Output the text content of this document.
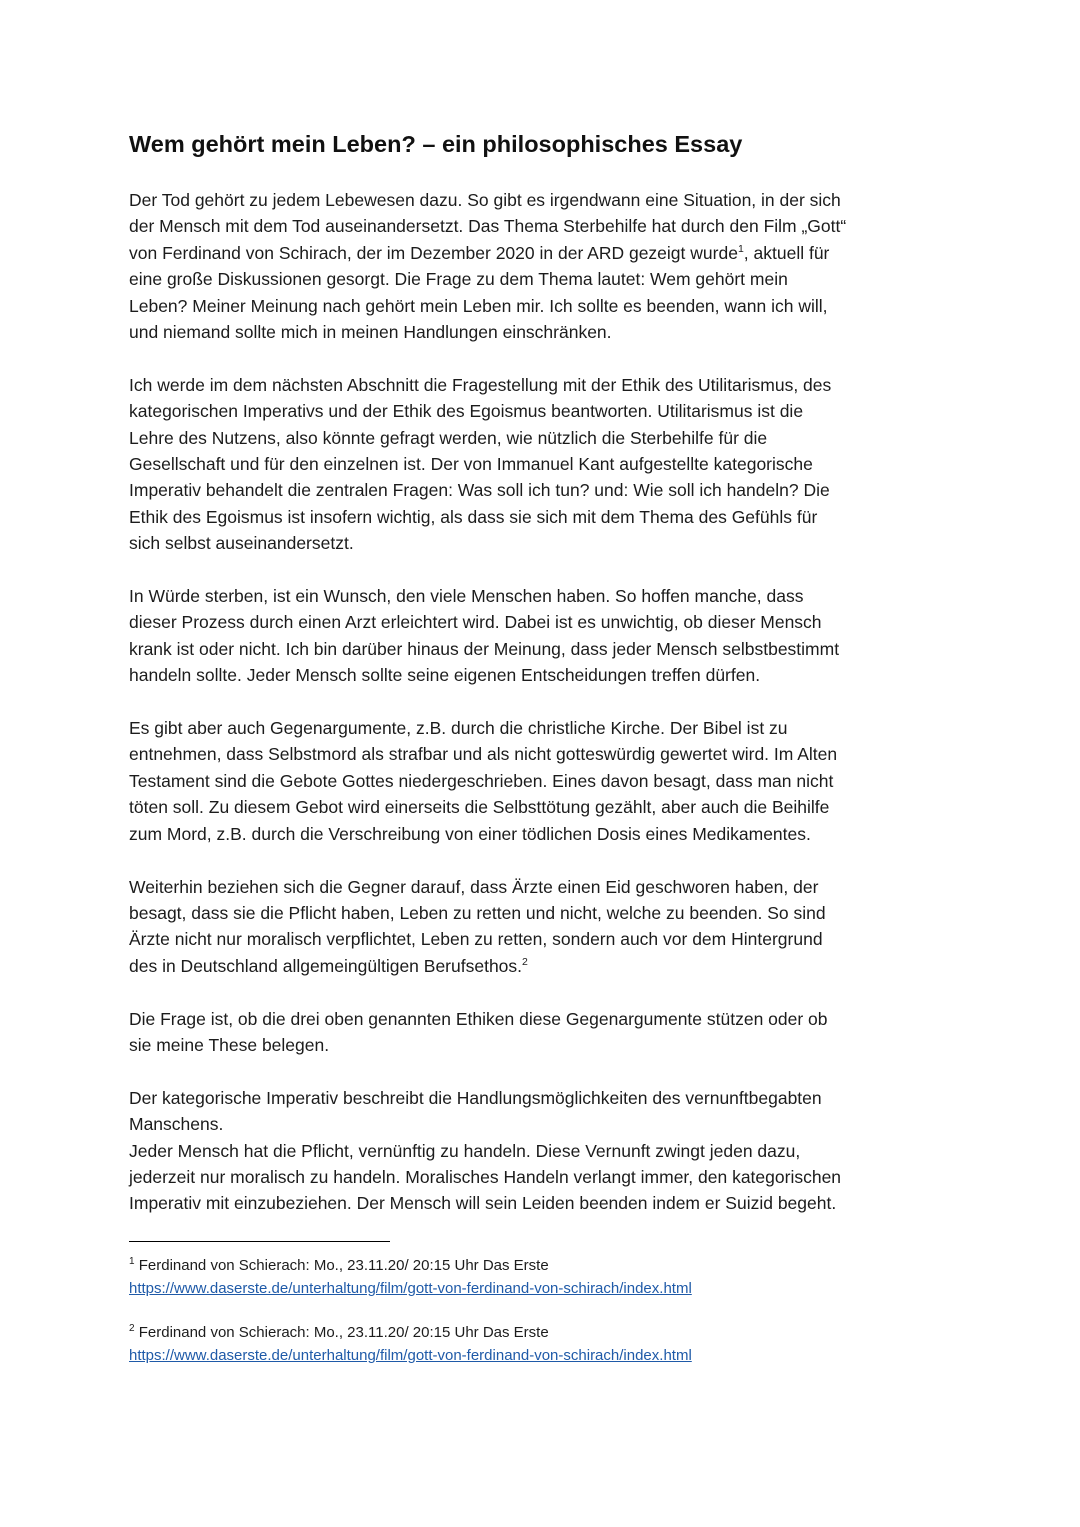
Wem gehört mein Leben? – ein philosophisches Essay

Der Tod gehört zu jedem Lebewesen dazu. So gibt es irgendwann eine Situation, in der sich
der Mensch mit dem Tod auseinandersetzt. Das Thema Sterbehilfe hat durch den Film „Gott“
von Ferdinand von Schirach, der im Dezember 2020 in der ARD gezeigt wurde$^1$, aktuell für
eine große Diskussionen gesorgt. Die Frage zu dem Thema lautet: Wem gehört mein
Leben? Meiner Meinung nach gehört mein Leben mir. Ich sollte es beenden, wann ich will,
und niemand sollte mich in meinen Handlungen einschränken.

Ich werde im dem nächsten Abschnitt die Fragestellung mit der Ethik des Utilitarismus, des
kategorischen Imperativs und der Ethik des Egoismus beantworten. Utilitarismus ist die
Lehre des Nutzens, also könnte gefragt werden, wie nützlich die Sterbehilfe für die
Gesellschaft und für den einzelnen ist. Der von Immanuel Kant aufgestellte kategorische
Imperativ behandelt die zentralen Fragen: Was soll ich tun? und: Wie soll ich handeln? Die
Ethik des Egoismus ist insofern wichtig, als dass sie sich mit dem Thema des Gefühls für
sich selbst auseinandersetzt.

In Würde sterben, ist ein Wunsch, den viele Menschen haben. So hoffen manche, dass
dieser Prozess durch einen Arzt erleichtert wird. Dabei ist es unwichtig, ob dieser Mensch
krank ist oder nicht. Ich bin darüber hinaus der Meinung, dass jeder Mensch selbstbestimmt
handeln sollte. Jeder Mensch sollte seine eigenen Entscheidungen treffen dürfen.

Es gibt aber auch Gegenargumente, z.B. durch die christliche Kirche. Der Bibel ist zu
entnehmen, dass Selbstmord als strafbar und als nicht gotteswürdig gewertet wird. Im Alten
Testament sind die Gebote Gottes niedergeschrieben. Eines davon besagt, dass man nicht
töten soll. Zu diesem Gebot wird einerseits die Selbsttötung gezählt, aber auch die Beihilfe
zum Mord, z.B. durch die Verschreibung von einer tödlichen Dosis eines Medikamentes.

Weiterhin beziehen sich die Gegner darauf, dass Ärzte einen Eid geschworen haben, der
besagt, dass sie die Pflicht haben, Leben zu retten und nicht, welche zu beenden. So sind
Ärzte nicht nur moralisch verpflichtet, Leben zu retten, sondern auch vor dem Hintergrund
des in Deutschland allgemeingültigen Berufsethos.$^2$

Die Frage ist, ob die drei oben genannten Ethiken diese Gegenargumente stützen oder ob
sie meine These belegen.

Der kategorische Imperativ beschreibt die Handlungsmöglichkeiten des vernunftbegabten
Manschens.

Jeder Mensch hat die Pflicht, vernünftig zu handeln. Diese Vernunft zwingt jeden dazu,
jederzeit nur moralisch zu handeln. Moralisches Handeln verlangt immer, den kategorischen
Imperativ mit einzubeziehen. Der Mensch will sein Leiden beenden indem er Suizid begeht.

$^1$ Ferdinand von Schierach: Mo., 23.11.20/ 20:15 Uhr Das Erste
https://www.daserste.de/unterhaltung/film/gott-von-ferdinand-von-schirach/index.html

$^2$ Ferdinand von Schierach: Mo., 23.11.20/ 20:15 Uhr Das Erste
https://www.daserste.de/unterhaltung/film/gott-von-ferdinand-von-schirach/index.html
